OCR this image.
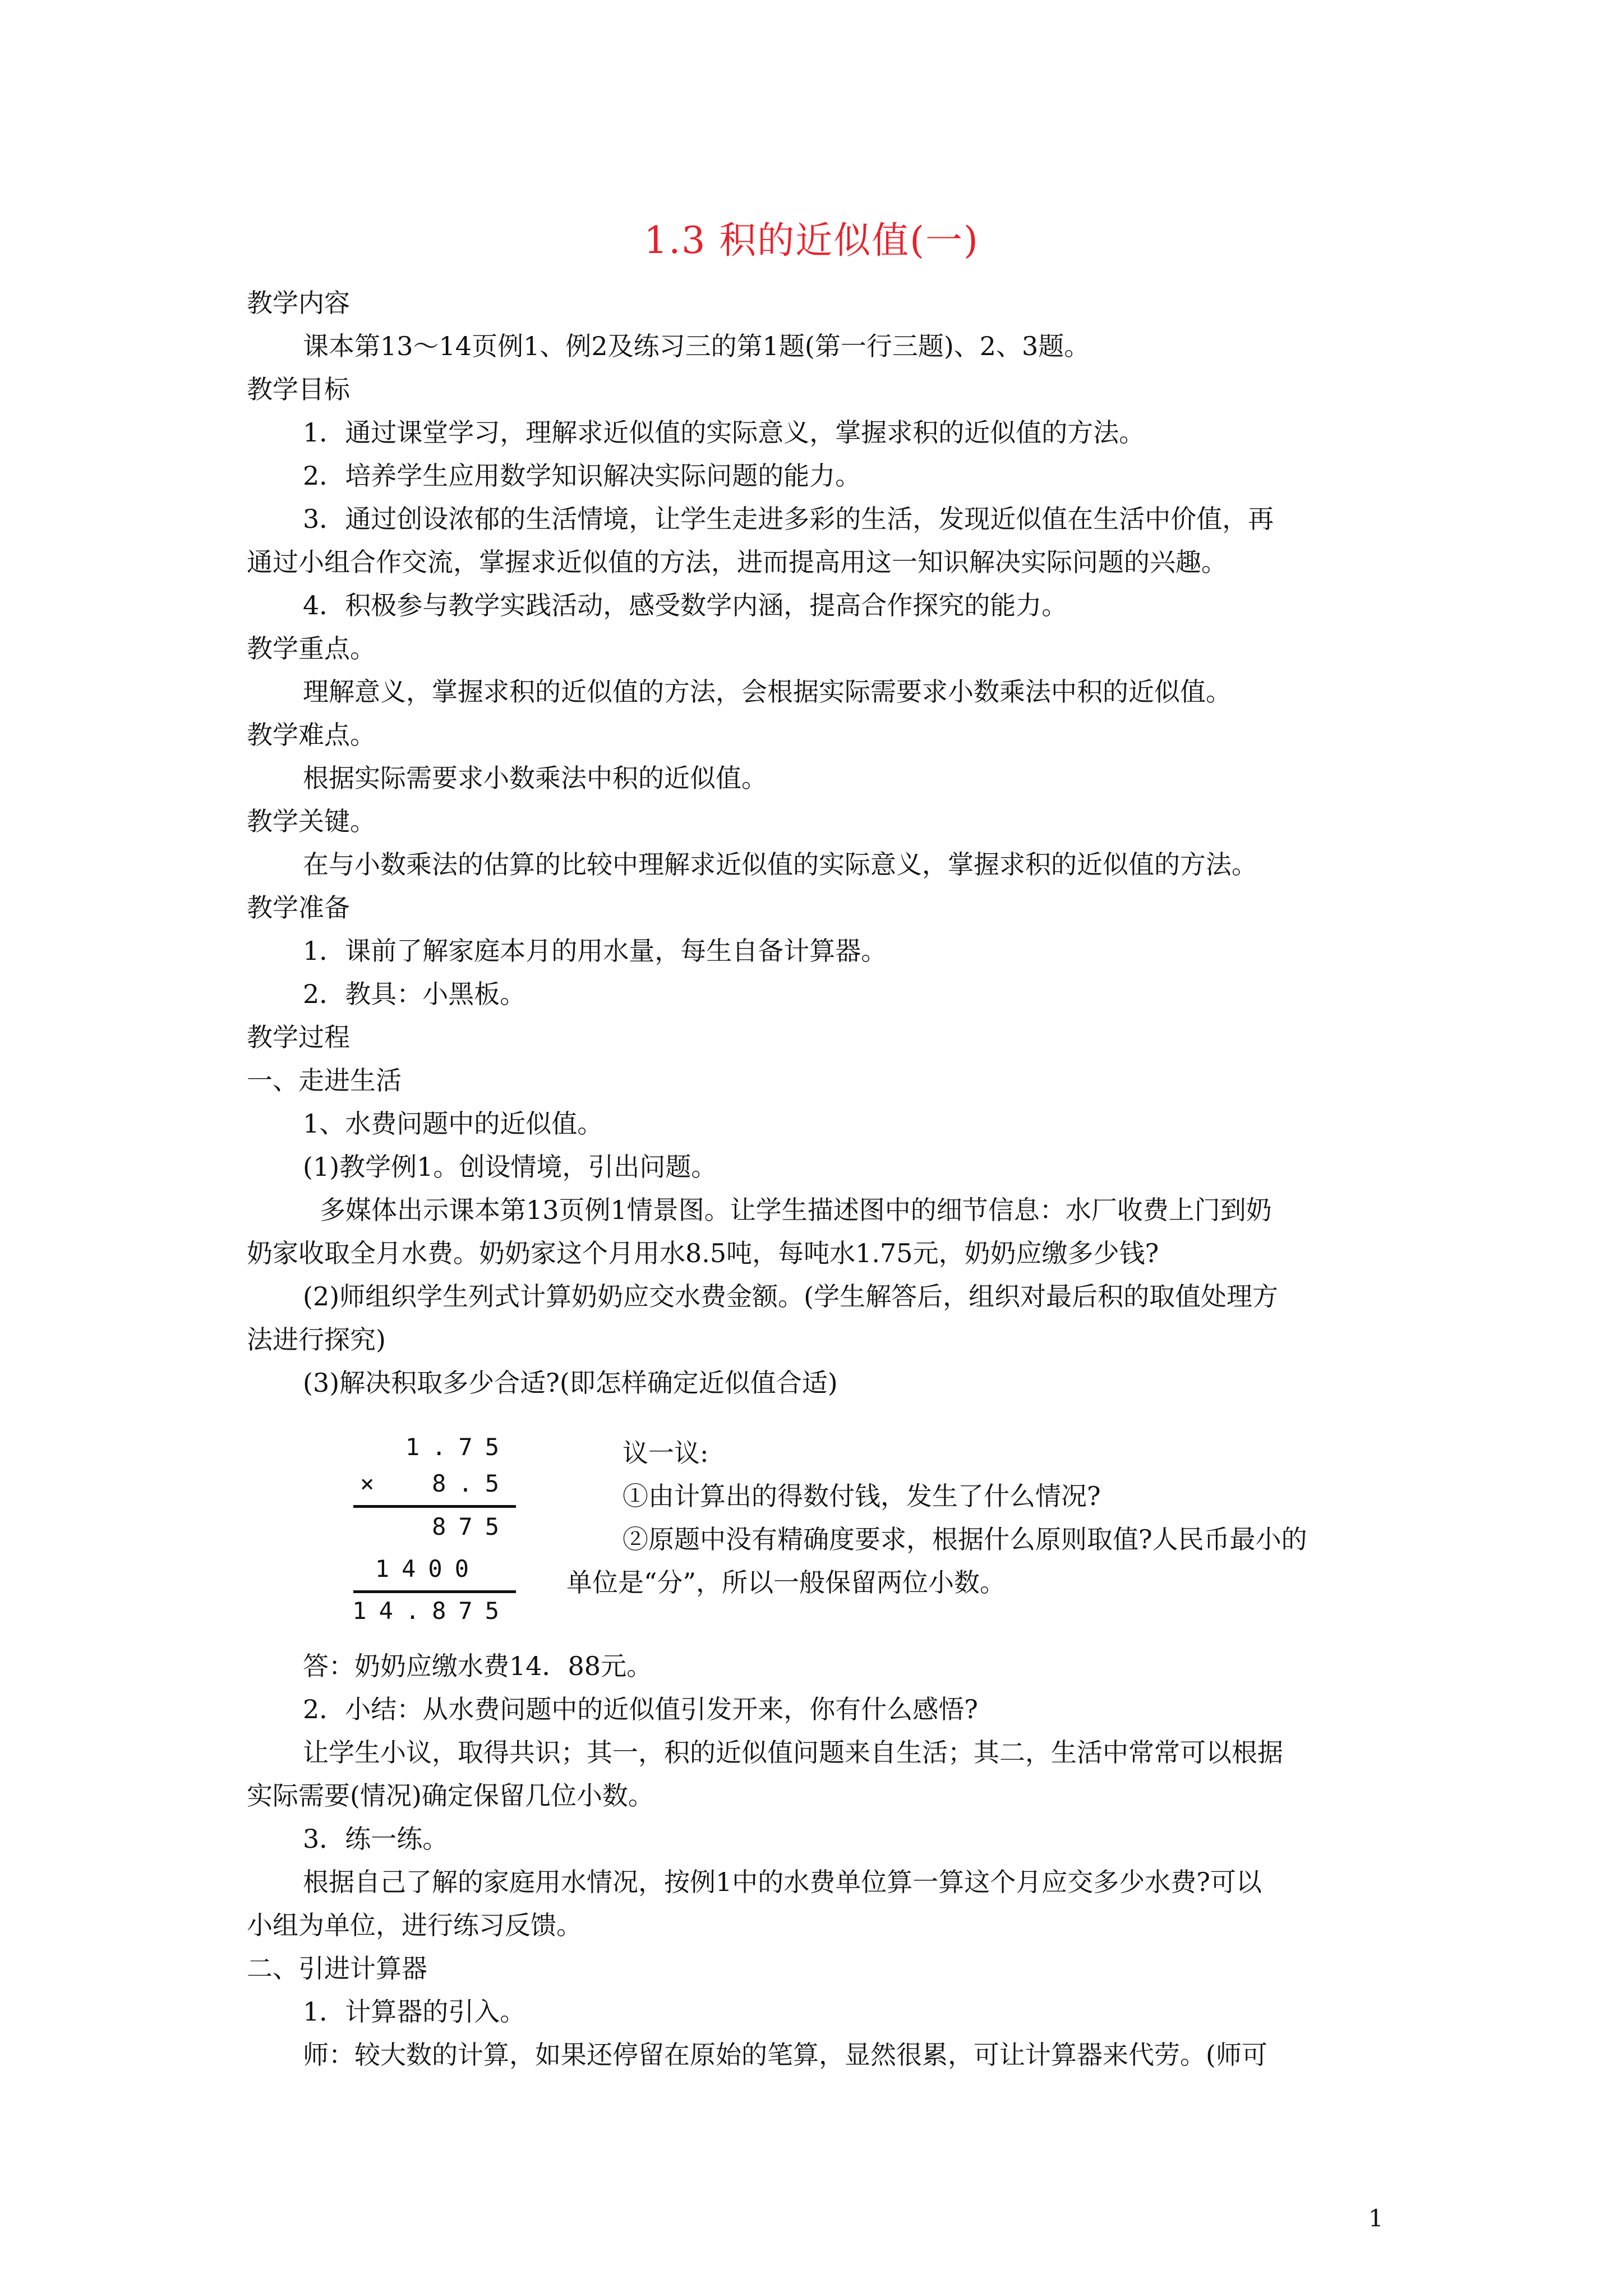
1.3 积的近似值(一)
教学内容
课本第13～14页例1、例2及练习三的第1题(第一行三题)、2、3题。
教学目标
1．通过课堂学习，理解求近似值的实际意义，掌握求积的近似值的方法。
2．培养学生应用数学知识解决实际问题的能力。
3．通过创设浓郁的生活情境，让学生走进多彩的生活，发现近似值在生活中价值，再
通过小组合作交流，掌握求近似值的方法，进而提高用这一知识解决实际问题的兴趣。
4．积极参与教学实践活动，感受数学内涵，提高合作探究的能力。
教学重点。
理解意义，掌握求积的近似值的方法，会根据实际需要求小数乘法中积的近似值。
教学难点。
根据实际需要求小数乘法中积的近似值。
教学关键。
在与小数乘法的估算的比较中理解求近似值的实际意义，掌握求积的近似值的方法。
教学准备
1．课前了解家庭本月的用水量，每生自备计算器。
2．教具：小黑板。
教学过程
一、走进生活
1、水费问题中的近似值。
(1)教学例1。创设情境，引出问题。
多媒体出示课本第13页例1情景图。让学生描述图中的细节信息：水厂收费上门到奶
奶家收取全月水费。奶奶家这个月用水8.5吨，每吨水1.75元，奶奶应缴多少钱?
(2)师组织学生列式计算奶奶应交水费金额。(学生解答后，组织对最后积的取值处理方
法进行探究)
(3)解决积取多少合适?(即怎样确定近似值合适)
1.75
× 8.5
875
1400
14.875
议一议:
①由计算出的得数付钱，发生了什么情况?
②原题中没有精确度要求，根据什么原则取值?人民币最小的
单位是“分”，所以一般保留两位小数。
答：奶奶应缴水费14．88元。
2．小结：从水费问题中的近似值引发开来，你有什么感悟?
让学生小议，取得共识；其一，积的近似值问题来自生活；其二，生活中常常可以根据
实际需要(情况)确定保留几位小数。
3．练一练。
根据自己了解的家庭用水情况，按例1中的水费单位算一算这个月应交多少水费?可以
小组为单位，进行练习反馈。
二、引进计算器
1．计算器的引入。
师：较大数的计算，如果还停留在原始的笔算，显然很累，可让计算器来代劳。(师可
1
